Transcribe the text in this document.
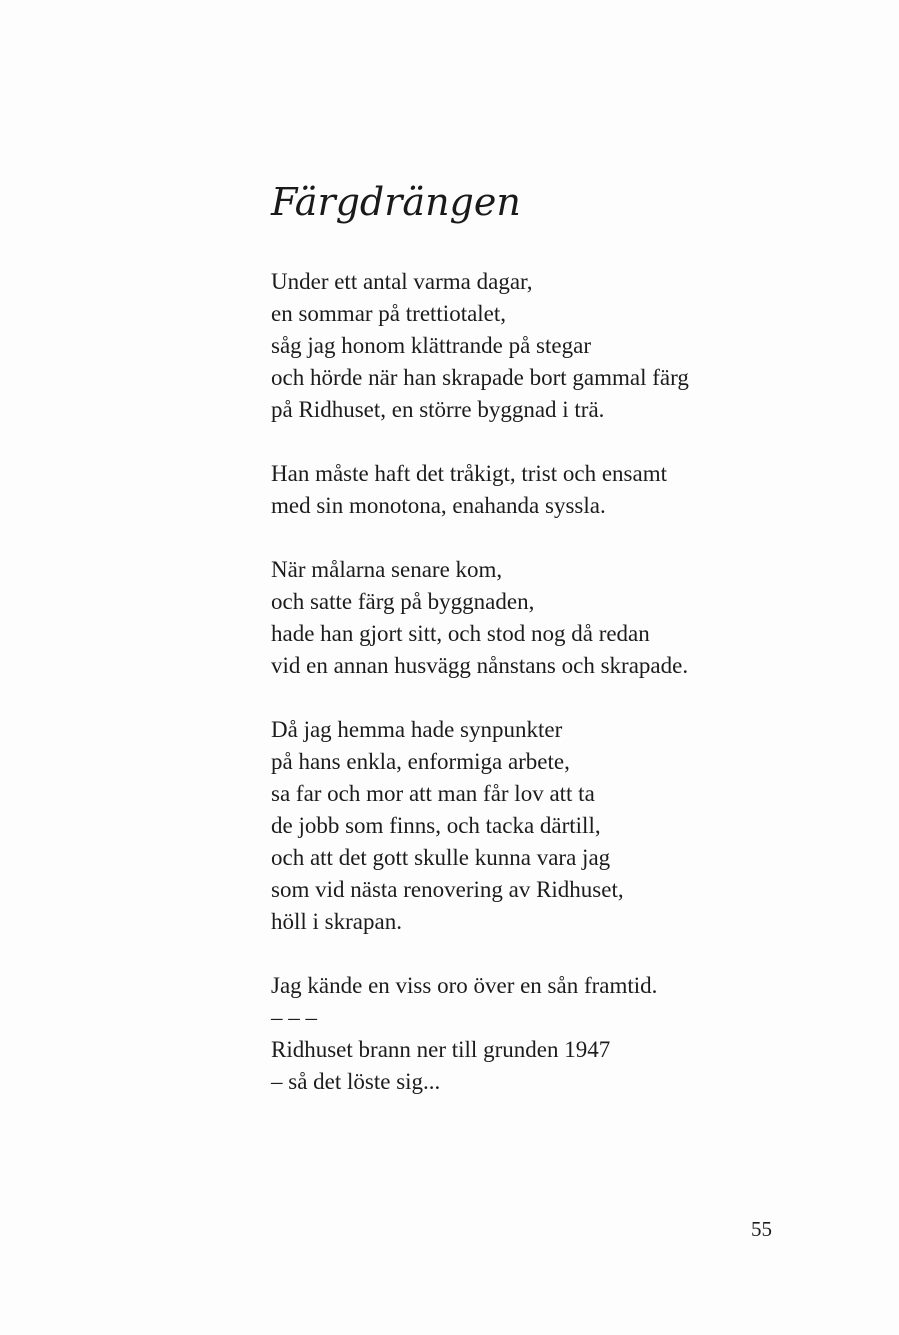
Färgdrängen
Under ett antal varma dagar,
en sommar på trettiotalet,
såg jag honom klättrande på stegar
och hörde när han skrapade bort gammal färg
på Ridhuset, en större byggnad i trä.
Han måste haft det tråkigt, trist och ensamt
med sin monotona, enahanda syssla.
När målarna senare kom,
och satte färg på byggnaden,
hade han gjort sitt, och stod nog då redan
vid en annan husvägg nånstans och skrapade.
Då jag hemma hade synpunkter
på hans enkla, enformiga arbete,
sa far och mor att man får lov att ta
de jobb som finns, och tacka därtill,
och att det gott skulle kunna vara jag
som vid nästa renovering av Ridhuset,
höll i skrapan.
Jag kände en viss oro över en sån framtid.
– – –
Ridhuset brann ner till grunden 1947
– så det löste sig...
55
